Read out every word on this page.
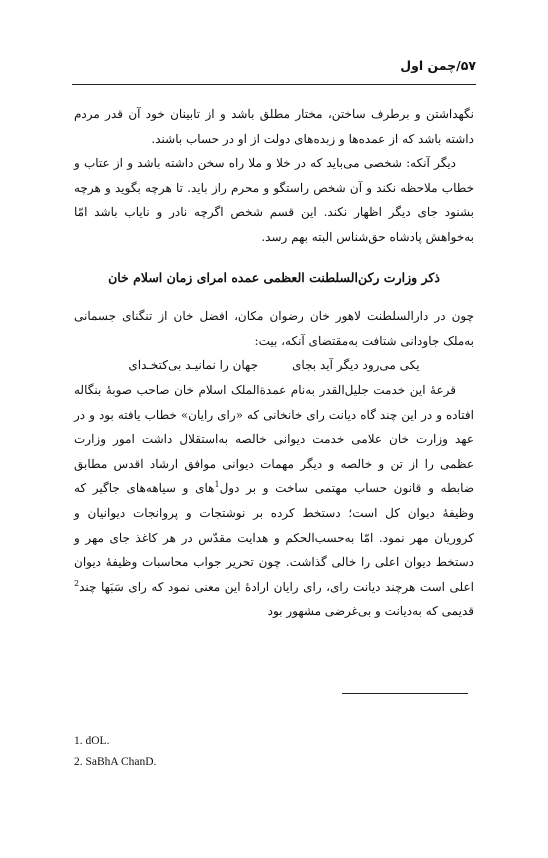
۵۷/چمن اول

نگهداشتن و برطرف ساختن، مختار مطلق باشد و از تابینان خود آن قدر مردم داشته باشد که از عمده‌ها و زبده‌های دولت از او در حساب باشند.

دیگر آنکه: شخصی می‌باید که در خلا و ملا راه سخن داشته باشد و از عتاب و خطاب ملاحظه نکند و آن شخص راستگو و محرم راز باید. تا هرچه بگوید و هرچه بشنود جای دیگر اظهار نکند. این قسم شخص اگرچه نادر و نایاب باشد امّا به‌خواهش پادشاه حق‌شناس البته بهم رسد.

ذکر وزارت رکن‌السلطنت العظمی عمده امرای زمان اسلام خان

چون در دارالسلطنت لاهور خان رضوان مکان، افضل خان از تنگنای جسمانی به‌ملک جاودانی شتافت به‌مقتضای آنکه، بیت:

یکی می‌رود دیگر آید بجای
جهان را نمانیـد بی‌کتخـدای

قرعهٔ این خدمت جلیل‌القدر به‌نام عمدة‌الملک اسلام خان صاحب صوبهٔ بنگاله افتاده و در این چند گاه دیانت رای خانخانی که «رای رایان» خطاب یافته بود و در عهد وزارت خان علامی خدمت دیوانی خالصه به‌استقلال داشت امور وزارت عظمی را از تن و خالصه و دیگر مهمات دیوانی موافق ارشاد اقدس مطابق ضابطه و قانون حساب مهتمی ساخت و بر دول$^1$های و سیاهه‌های جاگیر که وظیفهٔ دیوان کل است؛ دستخط کرده بر نوشتجات و پروانجات دیوانیان و کروریان مهر نمود. امّا به‌حسب‌الحکم و هدایت مقدّس در هر کاغذ جای مهر و دستخط دیوان اعلی را خالی گذاشت. چون تحریر جواب محاسبات وظیفهٔ دیوان اعلی است هرچند دیانت رای، رای رایان ارادهٔ این معنی نمود که رای سَبَها چند$^2$ قدیمی که به‌دیانت و بی‌غرضی مشهور بود

1. dOL.
2. SaBhA ChanD.
